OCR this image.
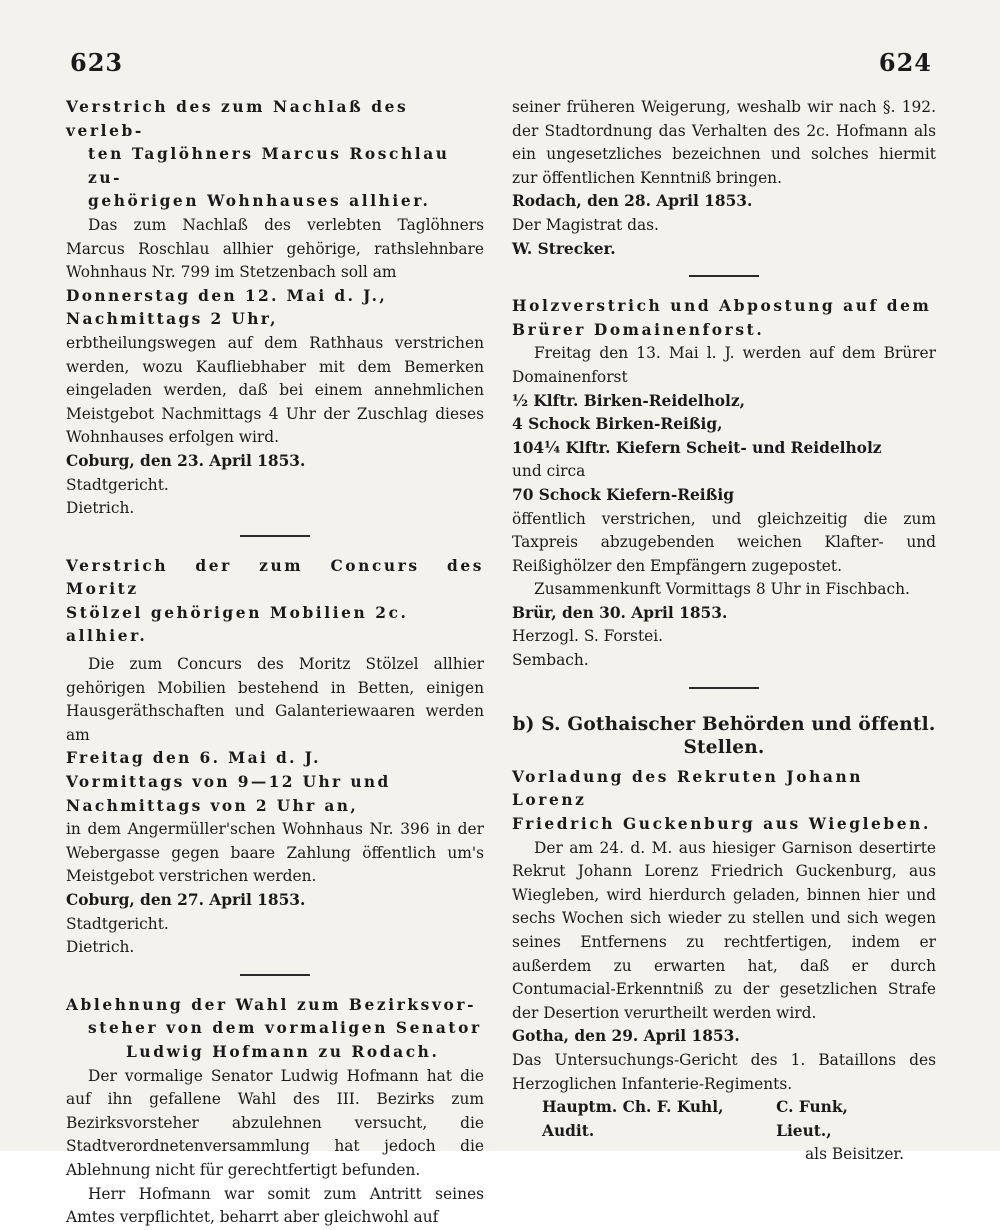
623	624

Verstrich des zum Nachlaß des verleb-

ten Taglöhners Marcus Roschlau zu-

gehörigen Wohnhauses allhier.

Das zum Nachlaß des verlebten Taglöhners Marcus Roschlau allhier gehörige, rathslehnbare Wohnhaus Nr. 799 im Stetzenbach soll am

Donnerstag den 12. Mai d. J.,

Nachmittags 2 Uhr,

erbtheilungswegen auf dem Rathhaus verstrichen werden, wozu Kaufliebhaber mit dem Bemerken eingeladen werden, daß bei einem annehmlichen Meistgebot Nachmittags 4 Uhr der Zuschlag dieses Wohnhauses erfolgen wird.

Coburg, den 23. April 1853.

Stadtgericht.

Dietrich.

Verstrich der zum Concurs des Moritz

Stölzel gehörigen Mobilien 2c.

allhier.

Die zum Concurs des Moritz Stölzel allhier gehörigen Mobilien bestehend in Betten, einigen Hausgeräthschaften und Galanteriewaaren werden am

Freitag den 6. Mai d. J.

Vormittags von 9—12 Uhr und

Nachmittags von 2 Uhr an,

in dem Angermüller'schen Wohnhaus Nr. 396 in der Webergasse gegen baare Zahlung öffentlich um's Meistgebot verstrichen werden.

Coburg, den 27. April 1853.

Stadtgericht.

Dietrich.

Ablehnung der Wahl zum Bezirksvor-

steher von dem vormaligen Senator

Ludwig Hofmann zu Rodach.

Der vormalige Senator Ludwig Hofmann hat die auf ihn gefallene Wahl des III. Bezirks zum Bezirksvorsteher abzulehnen versucht, die Stadtverordnetenversammlung hat jedoch die Ablehnung nicht für gerechtfertigt befunden.

Herr Hofmann war somit zum Antritt seines Amtes verpflichtet, beharrt aber gleichwohl auf

seiner früheren Weigerung, weshalb wir nach §. 192. der Stadtordnung das Verhalten des 2c. Hofmann als ein ungesetzliches bezeichnen und solches hiermit zur öffentlichen Kenntniß bringen.

Rodach, den 28. April 1853.

Der Magistrat das.

W. Strecker.

Holzverstrich und Abpostung auf dem

Brürer Domainenforst.

Freitag den 13. Mai l. J. werden auf dem Brürer Domainenforst

½ Klftr. Birken-Reidelholz,

4 Schock Birken-Reißig,

104¼ Klftr. Kiefern Scheit- und Reidelholz

und circa

70 Schock Kiefern-Reißig

öffentlich verstrichen, und gleichzeitig die zum Taxpreis abzugebenden weichen Klafter- und Reißighölzer den Empfängern zugepostet.

Zusammenkunft Vormittags 8 Uhr in Fischbach.

Brür, den 30. April 1853.

Herzogl. S. Forstei.

Sembach.

b) S. Gothaischer Behörden und öffentl. Stellen.

Vorladung des Rekruten Johann Lorenz

Friedrich Guckenburg aus Wiegleben.

Der am 24. d. M. aus hiesiger Garnison desertirte Rekrut Johann Lorenz Friedrich Guckenburg, aus Wiegleben, wird hierdurch geladen, binnen hier und sechs Wochen sich wieder zu stellen und sich wegen seines Entfernens zu rechtfertigen, indem er außerdem zu erwarten hat, daß er durch Contumacial-Erkenntniß zu der gesetzlichen Strafe der Desertion verurtheilt werden wird.

Gotha, den 29. April 1853.

Das Untersuchungs-Gericht des 1. Bataillons des Herzoglichen Infanterie-Regiments.

Hauptm. Ch. F. Kuhl, Audit.
C. Funk, Lieut.,

als Beisitzer.
